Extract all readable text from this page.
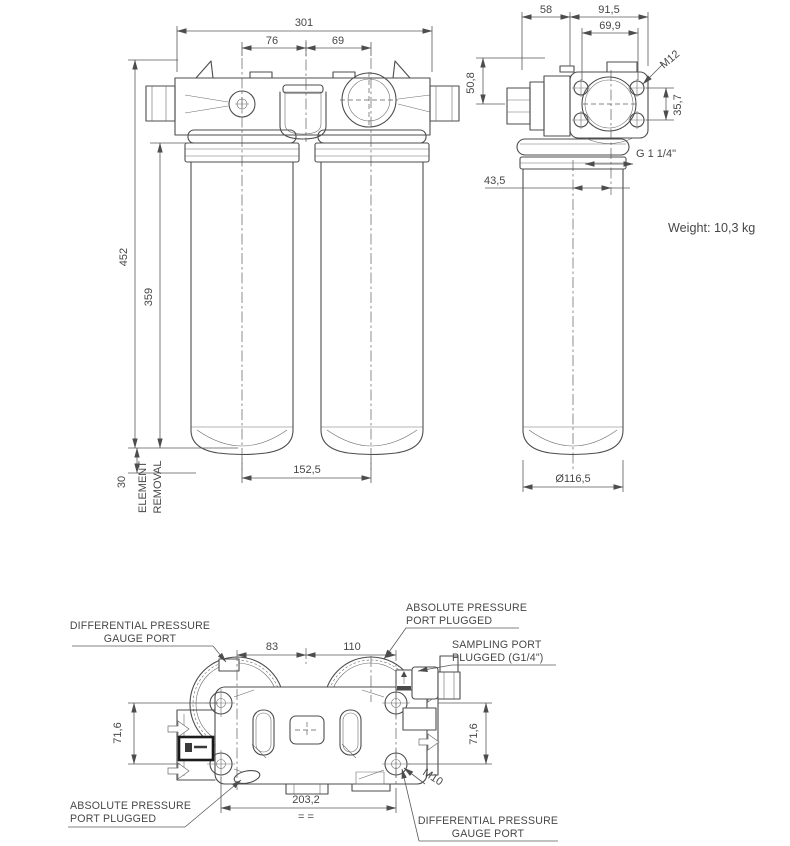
301
76	69
452
359
30 ELEMENT REMOVAL	152,5
58	91,5
69,9
50,8
M12
35,7
G 1 1/4"
43,5
Ø116,5
Weight: 10,3 kg
83	110
71,6	71,6
M10
203,2
= =
DIFFERENTIAL PRESSURE
GAUGE PORT
ABSOLUTE PRESSURE
PORT PLUGGED
SAMPLING PORT
PLUGGED (G1/4")
ABSOLUTE PRESSURE
PORT PLUGGED	DIFFERENTIAL PRESSURE
GAUGE PORT
